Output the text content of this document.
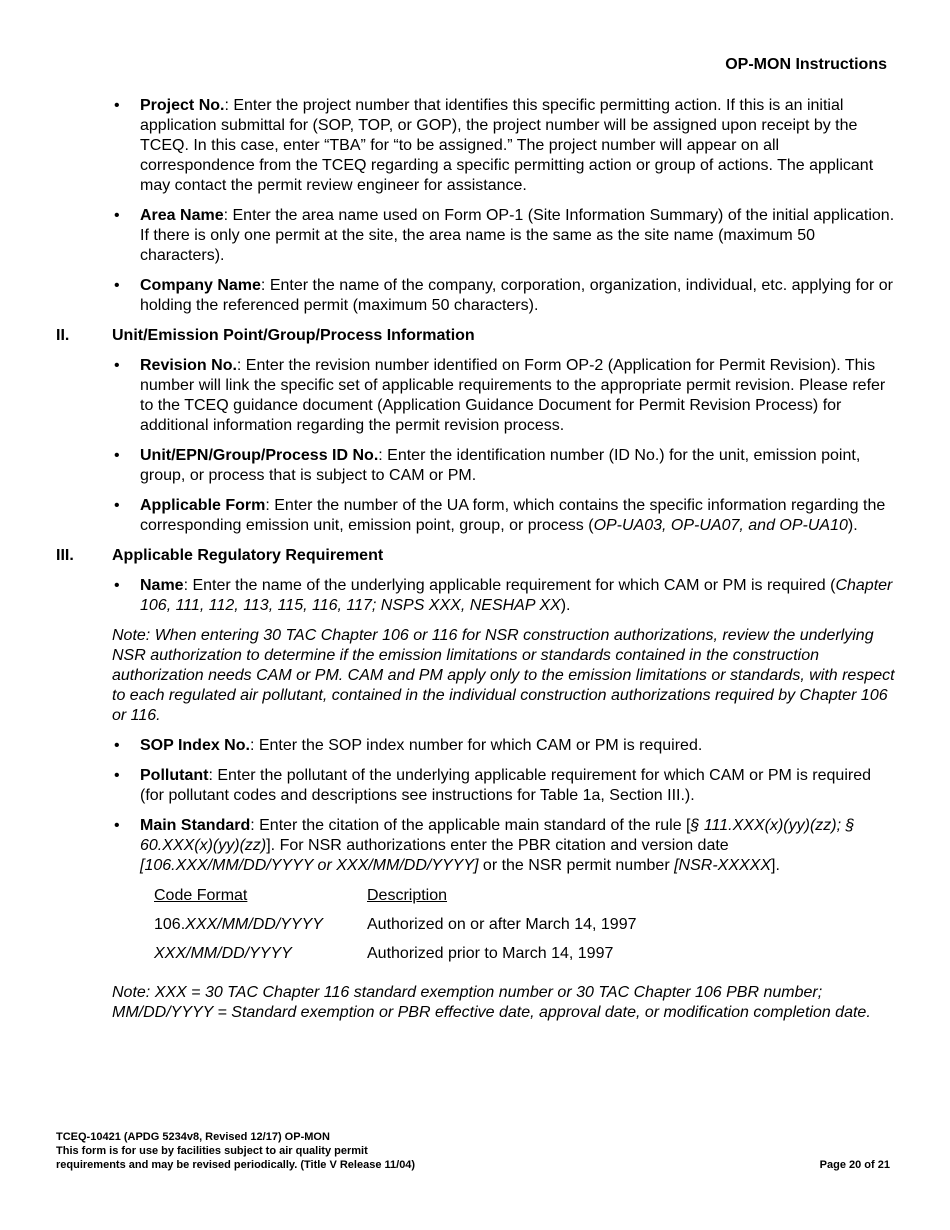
OP-MON Instructions
• Project No.: Enter the project number that identifies this specific permitting action. If this is an initial application submittal for (SOP, TOP, or GOP), the project number will be assigned upon receipt by the TCEQ. In this case, enter “TBA” for “to be assigned.” The project number will appear on all correspondence from the TCEQ regarding a specific permitting action or group of actions. The applicant may contact the permit review engineer for assistance.
• Area Name: Enter the area name used on Form OP-1 (Site Information Summary) of the initial application. If there is only one permit at the site, the area name is the same as the site name (maximum 50 characters).
• Company Name: Enter the name of the company, corporation, organization, individual, etc. applying for or holding the referenced permit (maximum 50 characters).
II.	Unit/Emission Point/Group/Process Information
• Revision No.: Enter the revision number identified on Form OP-2 (Application for Permit Revision). This number will link the specific set of applicable requirements to the appropriate permit revision. Please refer to the TCEQ guidance document (Application Guidance Document for Permit Revision Process) for additional information regarding the permit revision process.
• Unit/EPN/Group/Process ID No.: Enter the identification number (ID No.) for the unit, emission point, group, or process that is subject to CAM or PM.
• Applicable Form: Enter the number of the UA form, which contains the specific information regarding the corresponding emission unit, emission point, group, or process (OP-UA03, OP-UA07, and OP-UA10).
III.	Applicable Regulatory Requirement
• Name: Enter the name of the underlying applicable requirement for which CAM or PM is required (Chapter 106, 111, 112, 113, 115, 116, 117; NSPS XXX, NESHAP XX).
Note: When entering 30 TAC Chapter 106 or 116 for NSR construction authorizations, review the underlying NSR authorization to determine if the emission limitations or standards contained in the construction authorization needs CAM or PM. CAM and PM apply only to the emission limitations or standards, with respect to each regulated air pollutant, contained in the individual construction authorizations required by Chapter 106 or 116.
• SOP Index No.: Enter the SOP index number for which CAM or PM is required.
• Pollutant: Enter the pollutant of the underlying applicable requirement for which CAM or PM is required (for pollutant codes and descriptions see instructions for Table 1a, Section III.).
• Main Standard: Enter the citation of the applicable main standard of the rule [§ 111.XXX(x)(yy)(zz); § 60.XXX(x)(yy)(zz)]. For NSR authorizations enter the PBR citation and version date [106.XXX/MM/DD/YYYY or XXX/MM/DD/YYYY] or the NSR permit number [NSR-XXXXX].
Code Format	Description
106.XXX/MM/DD/YYYY	Authorized on or after March 14, 1997
XXX/MM/DD/YYYY	Authorized prior to March 14, 1997
Note: XXX = 30 TAC Chapter 116 standard exemption number or 30 TAC Chapter 106 PBR number; MM/DD/YYYY = Standard exemption or PBR effective date, approval date, or modification completion date.
TCEQ-10421 (APDG 5234v8, Revised 12/17) OP-MON
This form is for use by facilities subject to air quality permit
requirements and may be revised periodically. (Title V Release 11/04)	Page 20 of 21
